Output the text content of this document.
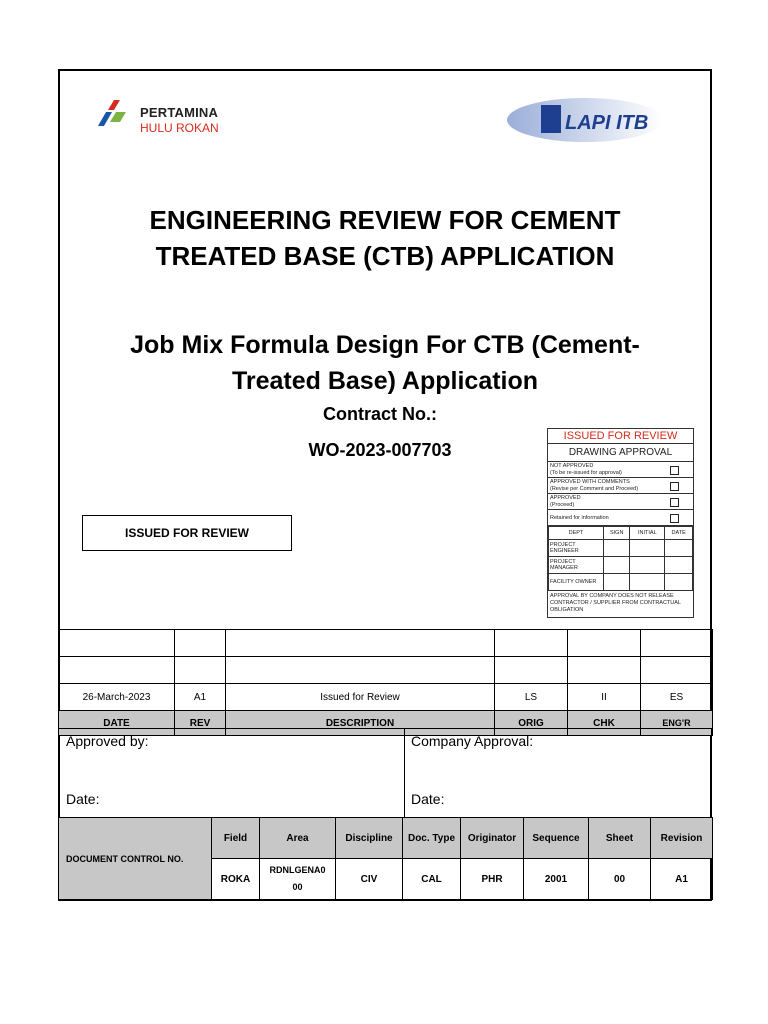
PERTAMINA
HULU ROKAN	LAPI ITB
ENGINEERING REVIEW FOR CEMENT
TREATED BASE (CTB) APPLICATION
Job Mix Formula Design For CTB (Cement-
Treated Base) Application
Contract No.:
WO-2023-007703
ISSUED FOR REVIEW
ISSUED FOR REVIEW
DRAWING APPROVAL
NOT APPROVED
(To be re-issued for approval)
APPROVED WITH COMMENTS
(Revise per Comment and Proceed)
APPROVED
(Proceed)
Retained for information
DEPT	SIGN	INITIAL	DATE
PROJECT ENGINEER			
PROJECT MANAGER			
FACILITY OWNER			
APPROVAL BY COMPANY DOES NOT RELEASE CONTRACTOR / SUPPLIER FROM CONTRACTUAL OBLIGATION

26-March-2023	A1	Issued for Review	LS	II	ES
DATE	REV	DESCRIPTION	ORIG	CHK	ENG'R
Approved by:	Company Approval:
Date:	Date:
DOCUMENT CONTROL NO.	Field	Area	Discipline	Doc. Type	Originator	Sequence	Sheet	Revision
	ROKA	RDNLGENA0 00	CIV	CAL	PHR	2001	00	A1
